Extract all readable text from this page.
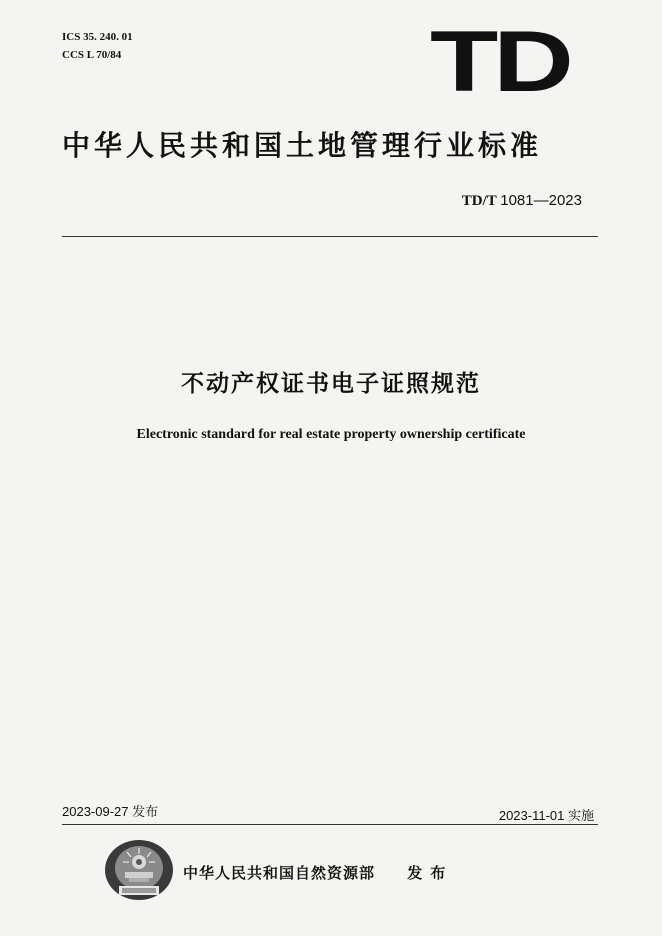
ICS 35. 240. 01
CCS L 70/84	TD
中华人民共和国土地管理行业标准
TD/T 1081—2023
不动产权证书电子证照规范
Electronic standard for real estate property ownership certificate
2023-09-27 发布	2023-11-01 实施
中华人民共和国自然资源部 发布
